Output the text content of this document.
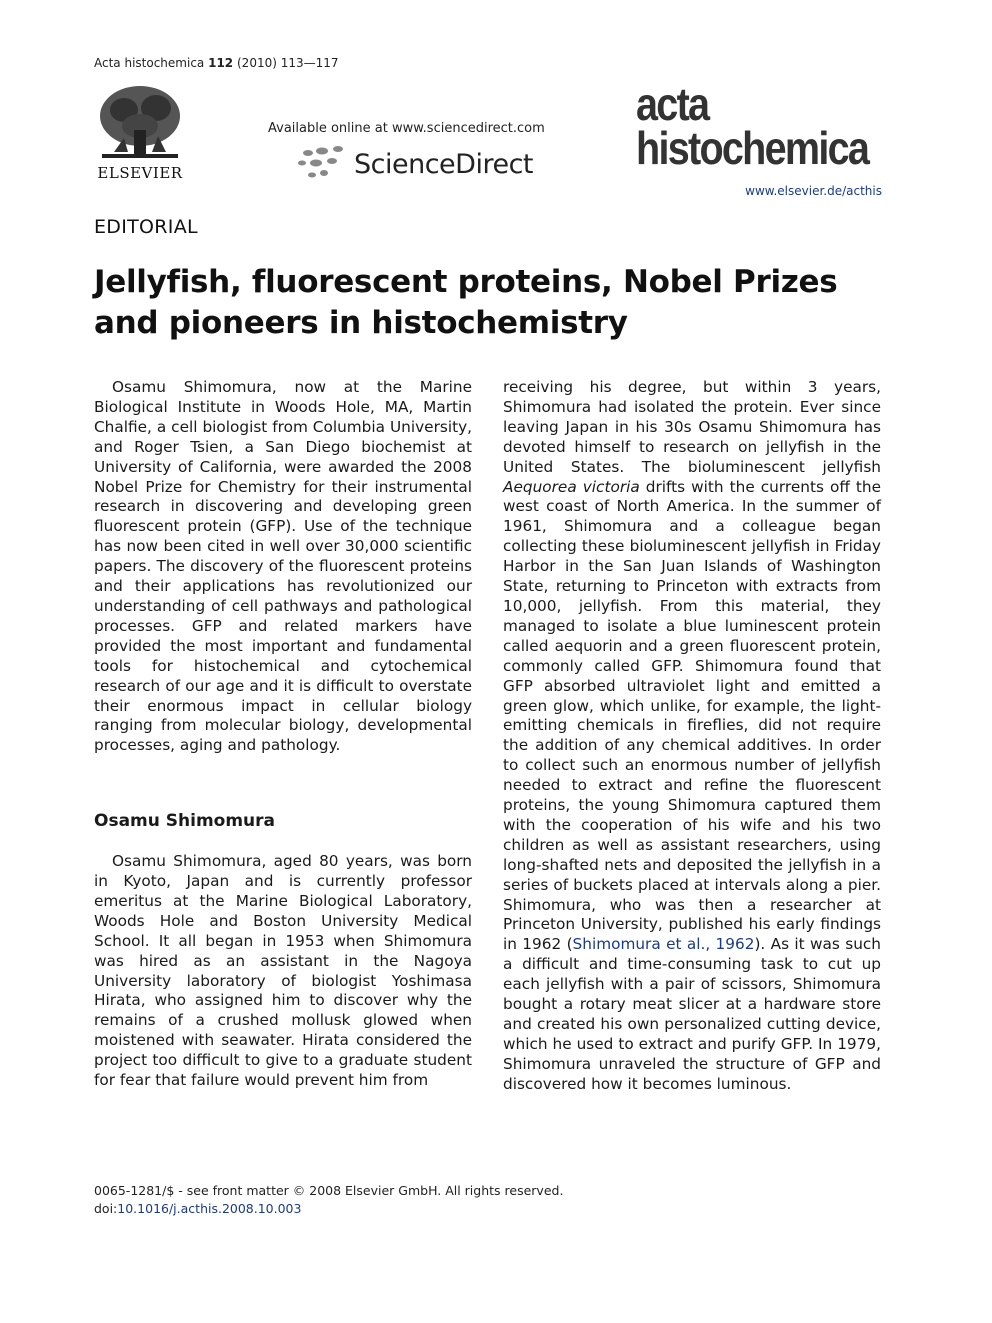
Acta histochemica 112 (2010) 113—117
ELSEVIER
Available online at www.sciencedirect.com
ScienceDirect
acta
histochemica
www.elsevier.de/acthis
EDITORIAL
Jellyfish, fluorescent proteins, Nobel Prizes and pioneers in histochemistry

Osamu Shimomura, now at the Marine Biological Institute in Woods Hole, MA, Martin Chalfie, a cell biologist from Columbia University, and Roger Tsien, a San Diego biochemist at University of California, were awarded the 2008 Nobel Prize for Chemistry for their instrumental research in discovering and developing green fluorescent protein (GFP). Use of the technique has now been cited in well over 30,000 scientific papers. The discovery of the fluorescent proteins and their applications has revolutionized our understanding of cell pathways and pathological processes. GFP and related markers have provided the most important and fundamental tools for histochemical and cytochemical research of our age and it is difficult to overstate their enormous impact in cellular biology ranging from molecular biology, developmental processes, aging and pathology.

Osamu Shimomura

Osamu Shimomura, aged 80 years, was born in Kyoto, Japan and is currently professor emeritus at the Marine Biological Laboratory, Woods Hole and Boston University Medical School. It all began in 1953 when Shimomura was hired as an assistant in the Nagoya University laboratory of biologist Yoshimasa Hirata, who assigned him to discover why the remains of a crushed mollusk glowed when moistened with seawater. Hirata considered the project too difficult to give to a graduate student for fear that failure would prevent him from

receiving his degree, but within 3 years, Shimomura had isolated the protein. Ever since leaving Japan in his 30s Osamu Shimomura has devoted himself to research on jellyfish in the United States. The bioluminescent jellyfish Aequorea victoria drifts with the currents off the west coast of North America. In the summer of 1961, Shimomura and a colleague began collecting these bioluminescent jellyfish in Friday Harbor in the San Juan Islands of Washington State, returning to Princeton with extracts from 10,000, jellyfish. From this material, they managed to isolate a blue luminescent protein called aequorin and a green fluorescent protein, commonly called GFP. Shimomura found that GFP absorbed ultraviolet light and emitted a green glow, which unlike, for example, the light-emitting chemicals in fireflies, did not require the addition of any chemical additives. In order to collect such an enormous number of jellyfish needed to extract and refine the fluorescent proteins, the young Shimomura captured them with the cooperation of his wife and his two children as well as assistant researchers, using long-shafted nets and deposited the jellyfish in a series of buckets placed at intervals along a pier. Shimomura, who was then a researcher at Princeton University, published his early findings in 1962 (Shimomura et al., 1962). As it was such a difficult and time-consuming task to cut up each jellyfish with a pair of scissors, Shimomura bought a rotary meat slicer at a hardware store and created his own personalized cutting device, which he used to extract and purify GFP. In 1979, Shimomura unraveled the structure of GFP and discovered how it becomes luminous.

0065-1281/$ - see front matter © 2008 Elsevier GmbH. All rights reserved.
doi:10.1016/j.acthis.2008.10.003
